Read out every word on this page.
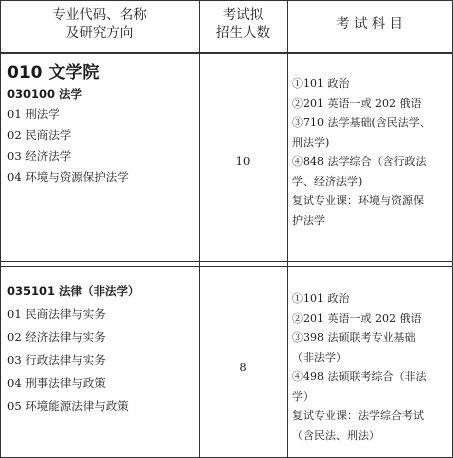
专业代码、名称
及研究方向
考试拟
招生人数
考 试 科 目
010 文学院
030100 法学
01 刑法学
02 民商法学
03 经济法学
04 环境与资源保护法学
10
①101 政治
②201 英语一或 202 俄语
③710 法学基础(含民法学、
刑法学)
④848 法学综合（含行政法
学、经济法学)
复试专业课：环境与资源保
护法学
035101 法律（非法学）
01 民商法律与实务
02 经济法律与实务
03 行政法律与实务
04 刑事法律与政策
05 环境能源法律与政策
8
①101 政治
②201 英语一或 202 俄语
③398 法硕联考专业基础
（非法学）
④498 法硕联考综合（非法
学）
复试专业课：法学综合考试
（含民法、刑法）
